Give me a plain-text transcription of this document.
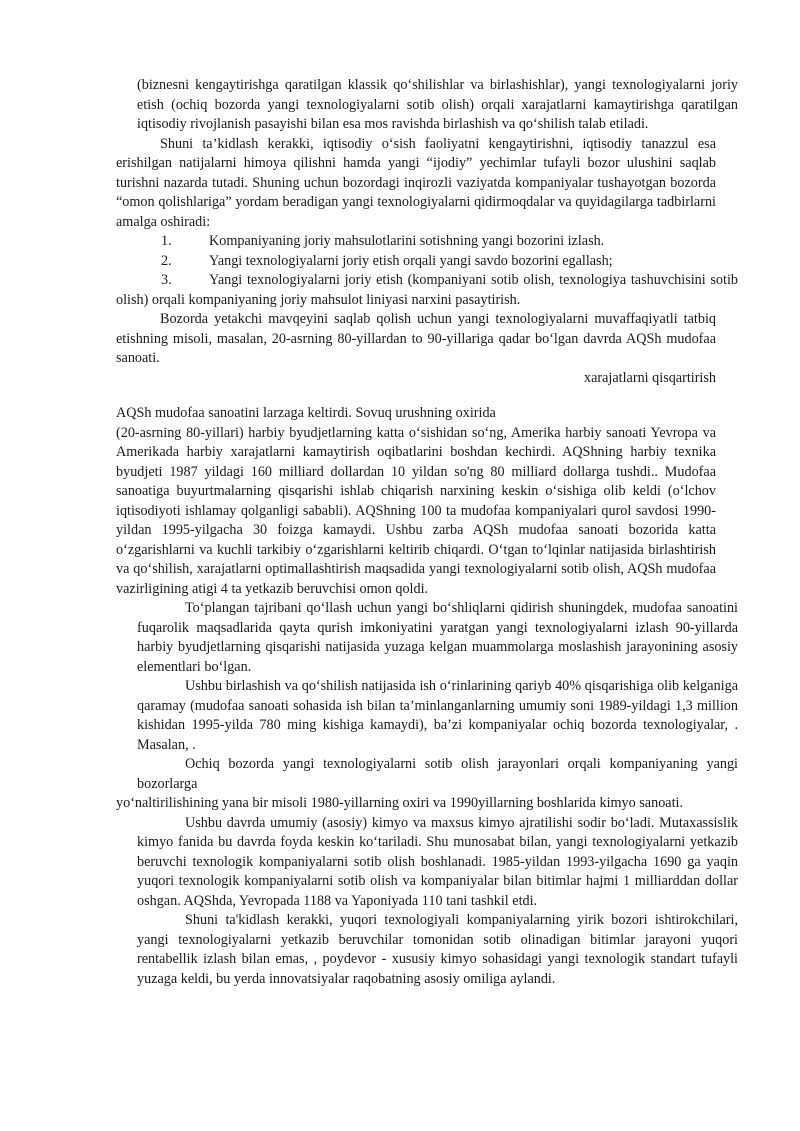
(biznesni kengaytirishga qaratilgan klassik qo‘shilishlar va birlashishlar), yangi texnologiyalarni joriy etish (ochiq bozorda yangi texnologiyalarni sotib olish) orqali xarajatlarni kamaytirishga qaratilgan iqtisodiy rivojlanish pasayishi bilan esa mos ravishda birlashish va qo‘shilish talab etiladi.

Shuni ta’kidlash kerakki, iqtisodiy o‘sish faoliyatni kengaytirishni, iqtisodiy tanazzul esa erishilgan natijalarni himoya qilishni hamda yangi “ijodiy” yechimlar tufayli bozor ulushini saqlab turishni nazarda tutadi. Shuning uchun bozordagi inqirozli vaziyatda kompaniyalar tushayotgan bozorda “omon qolishlariga” yordam beradigan yangi texnologiyalarni qidirmoqdalar va quyidagilarga tadbirlarni amalga oshiradi:

1.	Kompaniyaning joriy mahsulotlarini sotishning yangi bozorini izlash.

2.	Yangi texnologiyalarni joriy etish orqali yangi savdo bozorini egallash;

3.	Yangi texnologiyalarni joriy etish (kompaniyani sotib olish, texnologiya tashuvchisini sotib olish) orqali kompaniyaning joriy mahsulot liniyasi narxini pasaytirish.

Bozorda yetakchi mavqeyini saqlab qolish uchun yangi texnologiyalarni muvaffaqiyatli tatbiq etishning misoli, masalan, 20-asrning 80-yillardan to 90-yillariga qadar bo‘lgan davrda AQSh mudofaa sanoati.

xarajatlarni qisqartirish

AQSh mudofaa sanoatini larzaga keltirdi. Sovuq urushning oxirida

(20-asrning 80-yillari) harbiy byudjetlarning katta o‘sishidan so‘ng, Amerika harbiy sanoati Yevropa va Amerikada harbiy xarajatlarni kamaytirish oqibatlarini boshdan kechirdi. AQShning harbiy texnika byudjeti 1987 yildagi 160 milliard dollardan 10 yildan so'ng 80 milliard dollarga tushdi.. Mudofaa sanoatiga buyurtmalarning qisqarishi ishlab chiqarish narxining keskin o‘sishiga olib keldi (o‘lchov iqtisodiyoti ishlamay qolganligi sababli). AQShning 100 ta mudofaa kompaniyalari qurol savdosi 1990-yildan 1995-yilgacha 30 foizga kamaydi. Ushbu zarba AQSh mudofaa sanoati bozorida katta o‘zgarishlarni va kuchli tarkibiy o‘zgarishlarni keltirib chiqardi. O‘tgan to‘lqinlar natijasida birlashtirish va qo‘shilish, xarajatlarni optimallashtirish maqsadida yangi texnologiyalarni sotib olish, AQSh mudofaa vazirligining atigi 4 ta yetkazib beruvchisi omon qoldi.

To‘plangan tajribani qo‘llash uchun yangi bo‘shliqlarni qidirish shuningdek, mudofaa sanoatini fuqarolik maqsadlarida qayta qurish imkoniyatini yaratgan yangi texnologiyalarni izlash 90-yillarda harbiy byudjetlarning qisqarishi natijasida yuzaga kelgan muammolarga moslashish jarayonining asosiy elementlari bo‘lgan.

Ushbu birlashish va qo‘shilish natijasida ish o‘rinlarining qariyb 40% qisqarishiga olib kelganiga qaramay (mudofaa sanoati sohasida ish bilan ta’minlanganlarning umumiy soni 1989-yildagi 1,3 million kishidan 1995-yilda 780 ming kishiga kamaydi), ba’zi kompaniyalar ochiq bozorda texnologiyalar, . Masalan, .

Ochiq bozorda yangi texnologiyalarni sotib olish jarayonlari orqali kompaniyaning yangi bozorlarga

yo‘naltirilishining yana bir misoli 1980-yillarning oxiri va 1990yillarning boshlarida kimyo sanoati.

Ushbu davrda umumiy (asosiy) kimyo va maxsus kimyo ajratilishi sodir bo‘ladi. Mutaxassislik kimyo fanida bu davrda foyda keskin ko‘tariladi. Shu munosabat bilan, yangi texnologiyalarni yetkazib beruvchi texnologik kompaniyalarni sotib olish boshlanadi. 1985-yildan 1993-yilgacha 1690 ga yaqin yuqori texnologik kompaniyalarni sotib olish va kompaniyalar bilan bitimlar hajmi 1 milliarddan dollar oshgan. AQShda, Yevropada 1188 va Yaponiyada 110 tani tashkil etdi.

Shuni ta'kidlash kerakki, yuqori texnologiyali kompaniyalarning yirik bozori ishtirokchilari, yangi texnologiyalarni yetkazib beruvchilar tomonidan sotib olinadigan bitimlar jarayoni yuqori rentabellik izlash bilan emas, , poydevor - xususiy kimyo sohasidagi yangi texnologik standart tufayli yuzaga keldi, bu yerda innovatsiyalar raqobatning asosiy omiliga aylandi.
